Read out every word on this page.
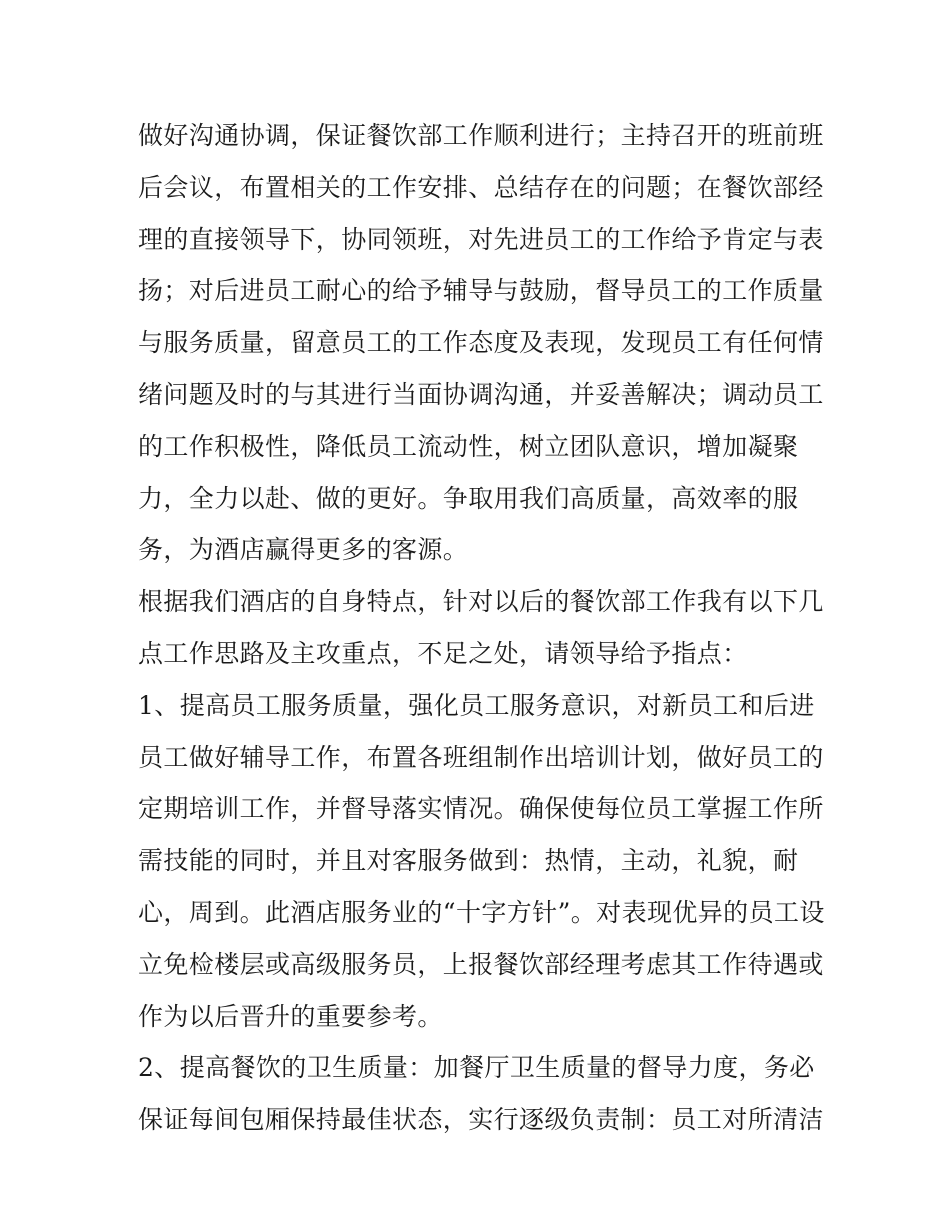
做好沟通协调，保证餐饮部工作顺利进行；主持召开的班前班
后会议，布置相关的工作安排、总结存在的问题；在餐饮部经
理的直接领导下，协同领班，对先进员工的工作给予肯定与表
扬；对后进员工耐心的给予辅导与鼓励，督导员工的工作质量
与服务质量，留意员工的工作态度及表现，发现员工有任何情
绪问题及时的与其进行当面协调沟通，并妥善解决；调动员工
的工作积极性，降低员工流动性，树立团队意识，增加凝聚
力，全力以赴、做的更好。争取用我们高质量，高效率的服
务，为酒店赢得更多的客源。
根据我们酒店的自身特点，针对以后的餐饮部工作我有以下几
点工作思路及主攻重点，不足之处，请领导给予指点：
1、提高员工服务质量，强化员工服务意识，对新员工和后进
员工做好辅导工作，布置各班组制作出培训计划，做好员工的
定期培训工作，并督导落实情况。确保使每位员工掌握工作所
需技能的同时，并且对客服务做到：热情，主动，礼貌，耐
心，周到。此酒店服务业的“十字方针”。对表现优异的员工设
立免检楼层或高级服务员，上报餐饮部经理考虑其工作待遇或
作为以后晋升的重要参考。
2、提高餐饮的卫生质量：加餐厅卫生质量的督导力度，务必
保证每间包厢保持最佳状态，实行逐级负责制：员工对所清洁
